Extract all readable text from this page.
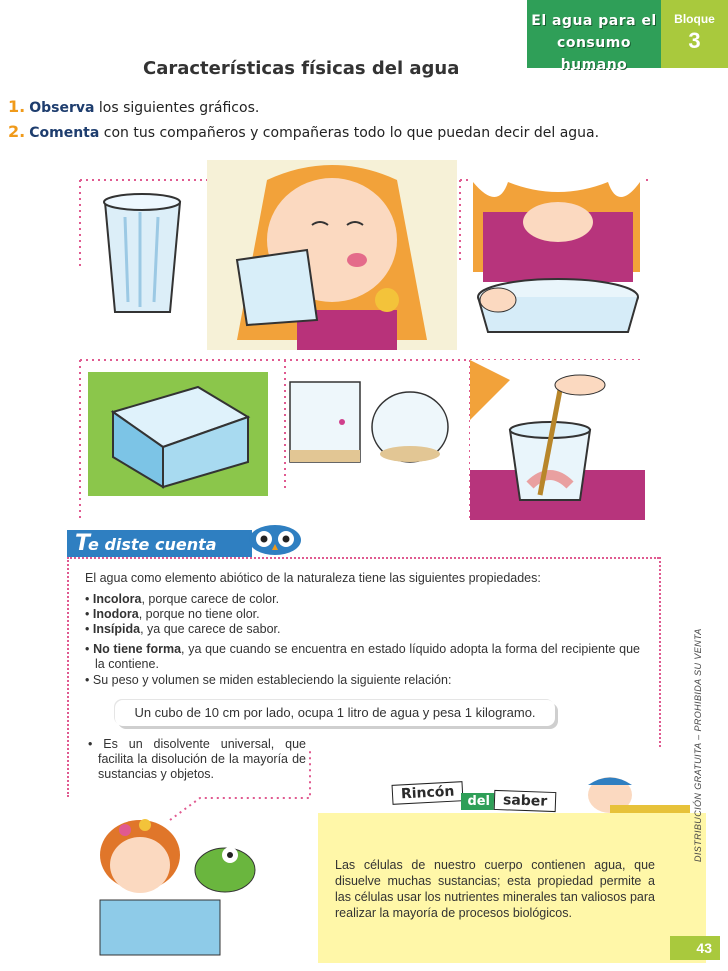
El agua para el
consumo humano
Bloque
3
Características físicas del agua
1. Observa los siguientes gráficos.
2. Comenta con tus compañeros y compañeras todo lo que puedan decir del agua.
Te diste cuenta
El agua como elemento abiótico de la naturaleza tiene las siguientes propiedades:
• Incolora, porque carece de color.
• Inodora, porque no tiene olor.
• Insípida, ya que carece de sabor.
• No tiene forma, ya que cuando se encuentra en estado líquido adopta la forma del recipiente que la contiene.
• Su peso y volumen se miden estableciendo la siguiente relación:
Un cubo de 10 cm por lado, ocupa 1 litro de agua y pesa 1 kilogramo.
• Es un disolvente universal, que facilita la disolución de la mayoría de sustancias y objetos.
Rincón del saber
Las células de nuestro cuerpo contienen agua, que disuelve muchas sustancias; esta propiedad permite a las células usar los nutrientes minerales tan valiosos para realizar la mayoría de procesos biológicos.
DISTRIBUCIÓN GRATUITA – PROHIBIDA SU VENTA
43
